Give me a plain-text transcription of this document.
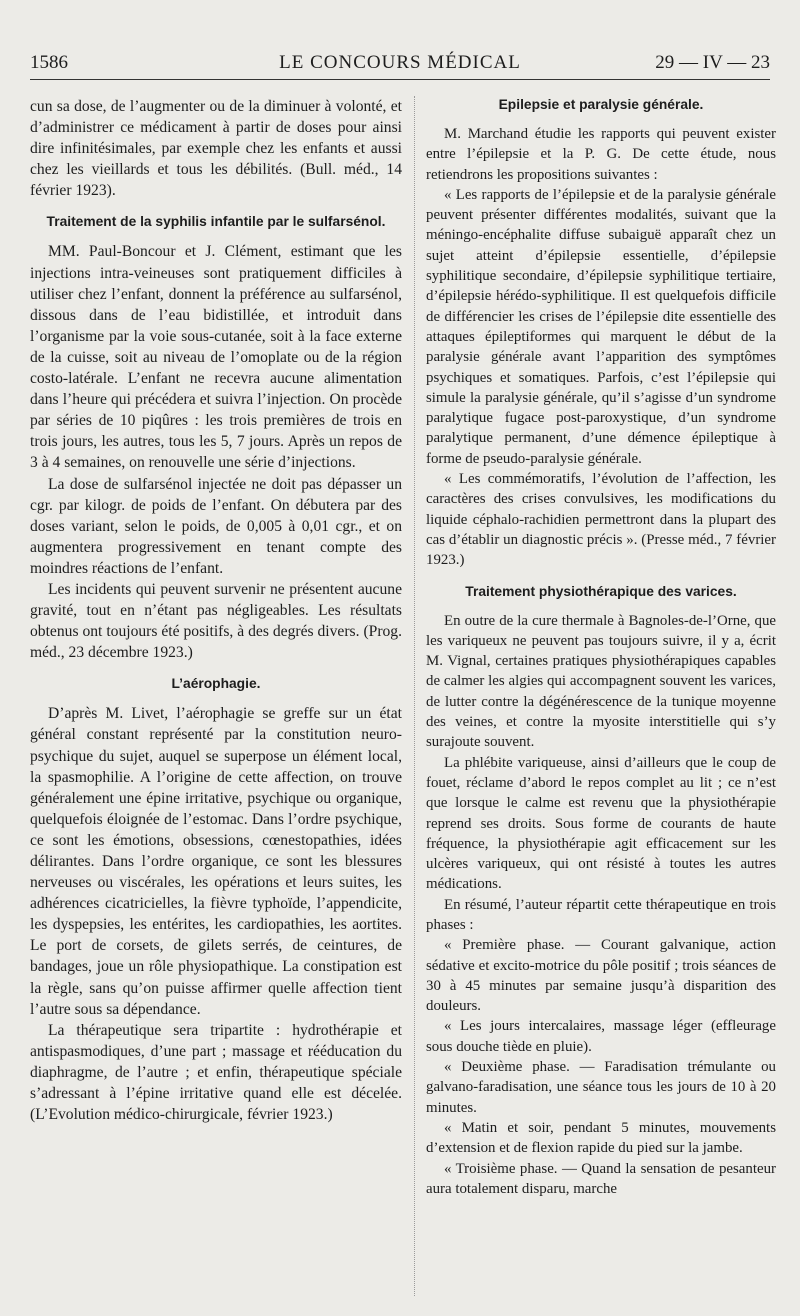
1586	LE CONCOURS MÉDICAL	29 — IV — 23

cun sa dose, de l’augmenter ou de la diminuer à volonté, et d’administrer ce médicament à partir de doses pour ainsi dire infinitésimales, par exemple chez les enfants et aussi chez les vieillards et tous les débilités. (Bull. méd., 14 février 1923).

Traitement de la syphilis infantile par le sulfarsénol.

MM. Paul-Boncour et J. Clément, estimant que les injections intra-veineuses sont pratiquement difficiles à utiliser chez l’enfant, donnent la préférence au sulfarsénol, dissous dans de l’eau bidistillée, et introduit dans l’organisme par la voie sous-cutanée, soit à la face externe de la cuisse, soit au niveau de l’omoplate ou de la région costo-latérale. L’enfant ne recevra aucune alimentation dans l’heure qui précédera et suivra l’injection. On procède par séries de 10 piqûres : les trois premières de trois en trois jours, les autres, tous les 5, 7 jours. Après un repos de 3 à 4 semaines, on renouvelle une série d’injections.

La dose de sulfarsénol injectée ne doit pas dépasser un cgr. par kilogr. de poids de l’enfant. On débutera par des doses variant, selon le poids, de 0,005 à 0,01 cgr., et on augmentera progressivement en tenant compte des moindres réactions de l’enfant.

Les incidents qui peuvent survenir ne présentent aucune gravité, tout en n’étant pas négligeables. Les résultats obtenus ont toujours été positifs, à des degrés divers. (Prog. méd., 23 décembre 1923.)

L’aérophagie.

D’après M. Livet, l’aérophagie se greffe sur un état général constant représenté par la constitution neuro-psychique du sujet, auquel se superpose un élément local, la spasmophilie. A l’origine de cette affection, on trouve généralement une épine irritative, psychique ou organique, quelquefois éloignée de l’estomac. Dans l’ordre psychique, ce sont les émotions, obsessions, cœnestopathies, idées délirantes. Dans l’ordre organique, ce sont les blessures nerveuses ou viscérales, les opérations et leurs suites, les adhérences cicatricielles, la fièvre typhoïde, l’appendicite, les dyspepsies, les entérites, les cardiopathies, les aortites. Le port de corsets, de gilets serrés, de ceintures, de bandages, joue un rôle physiopathique. La constipation est la règle, sans qu’on puisse affirmer quelle affection tient l’autre sous sa dépendance.

La thérapeutique sera tripartite : hydrothérapie et antispasmodiques, d’une part ; massage et rééducation du diaphragme, de l’autre ; et enfin, thérapeutique spéciale s’adressant à l’épine irritative quand elle est décelée. (L’Evolution médico-chirurgicale, février 1923.)

Epilepsie et paralysie générale.

M. Marchand étudie les rapports qui peuvent exister entre l’épilepsie et la P. G. De cette étude, nous retiendrons les propositions suivantes :

« Les rapports de l’épilepsie et de la paralysie générale peuvent présenter différentes modalités, suivant que la méningo-encéphalite diffuse subaiguë apparaît chez un sujet atteint d’épilepsie essentielle, d’épilepsie syphilitique secondaire, d’épilepsie syphilitique tertiaire, d’épilepsie hérédo-syphilitique. Il est quelquefois difficile de différencier les crises de l’épilepsie dite essentielle des attaques épileptiformes qui marquent le début de la paralysie générale avant l’apparition des symptômes psychiques et somatiques. Parfois, c’est l’épilepsie qui simule la paralysie générale, qu’il s’agisse d’un syndrome paralytique fugace post-paroxystique, d’un syndrome paralytique permanent, d’une démence épileptique à forme de pseudo-paralysie générale.

« Les commémoratifs, l’évolution de l’affection, les caractères des crises convulsives, les modifications du liquide céphalo-rachidien permettront dans la plupart des cas d’établir un diagnostic précis ». (Presse méd., 7 février 1923.)

Traitement physiothérapique des varices.

En outre de la cure thermale à Bagnoles-de-l’Orne, que les variqueux ne peuvent pas toujours suivre, il y a, écrit M. Vignal, certaines pratiques physiothérapiques capables de calmer les algies qui accompagnent souvent les varices, de lutter contre la dégénérescence de la tunique moyenne des veines, et contre la myosite interstitielle qui s’y surajoute souvent.

La phlébite variqueuse, ainsi d’ailleurs que le coup de fouet, réclame d’abord le repos complet au lit ; ce n’est que lorsque le calme est revenu que la physiothérapie reprend ses droits. Sous forme de courants de haute fréquence, la physiothérapie agit efficacement sur les ulcères variqueux, qui ont résisté à toutes les autres médications.

En résumé, l’auteur répartit cette thérapeutique en trois phases :

« Première phase. — Courant galvanique, action sédative et excito-motrice du pôle positif ; trois séances de 30 à 45 minutes par semaine jusqu’à disparition des douleurs.

« Les jours intercalaires, massage léger (effleurage sous douche tiède en pluie).

« Deuxième phase. — Faradisation trémulante ou galvano-faradisation, une séance tous les jours de 10 à 20 minutes.

« Matin et soir, pendant 5 minutes, mouvements d’extension et de flexion rapide du pied sur la jambe.

« Troisième phase. — Quand la sensation de pesanteur aura totalement disparu, marche
